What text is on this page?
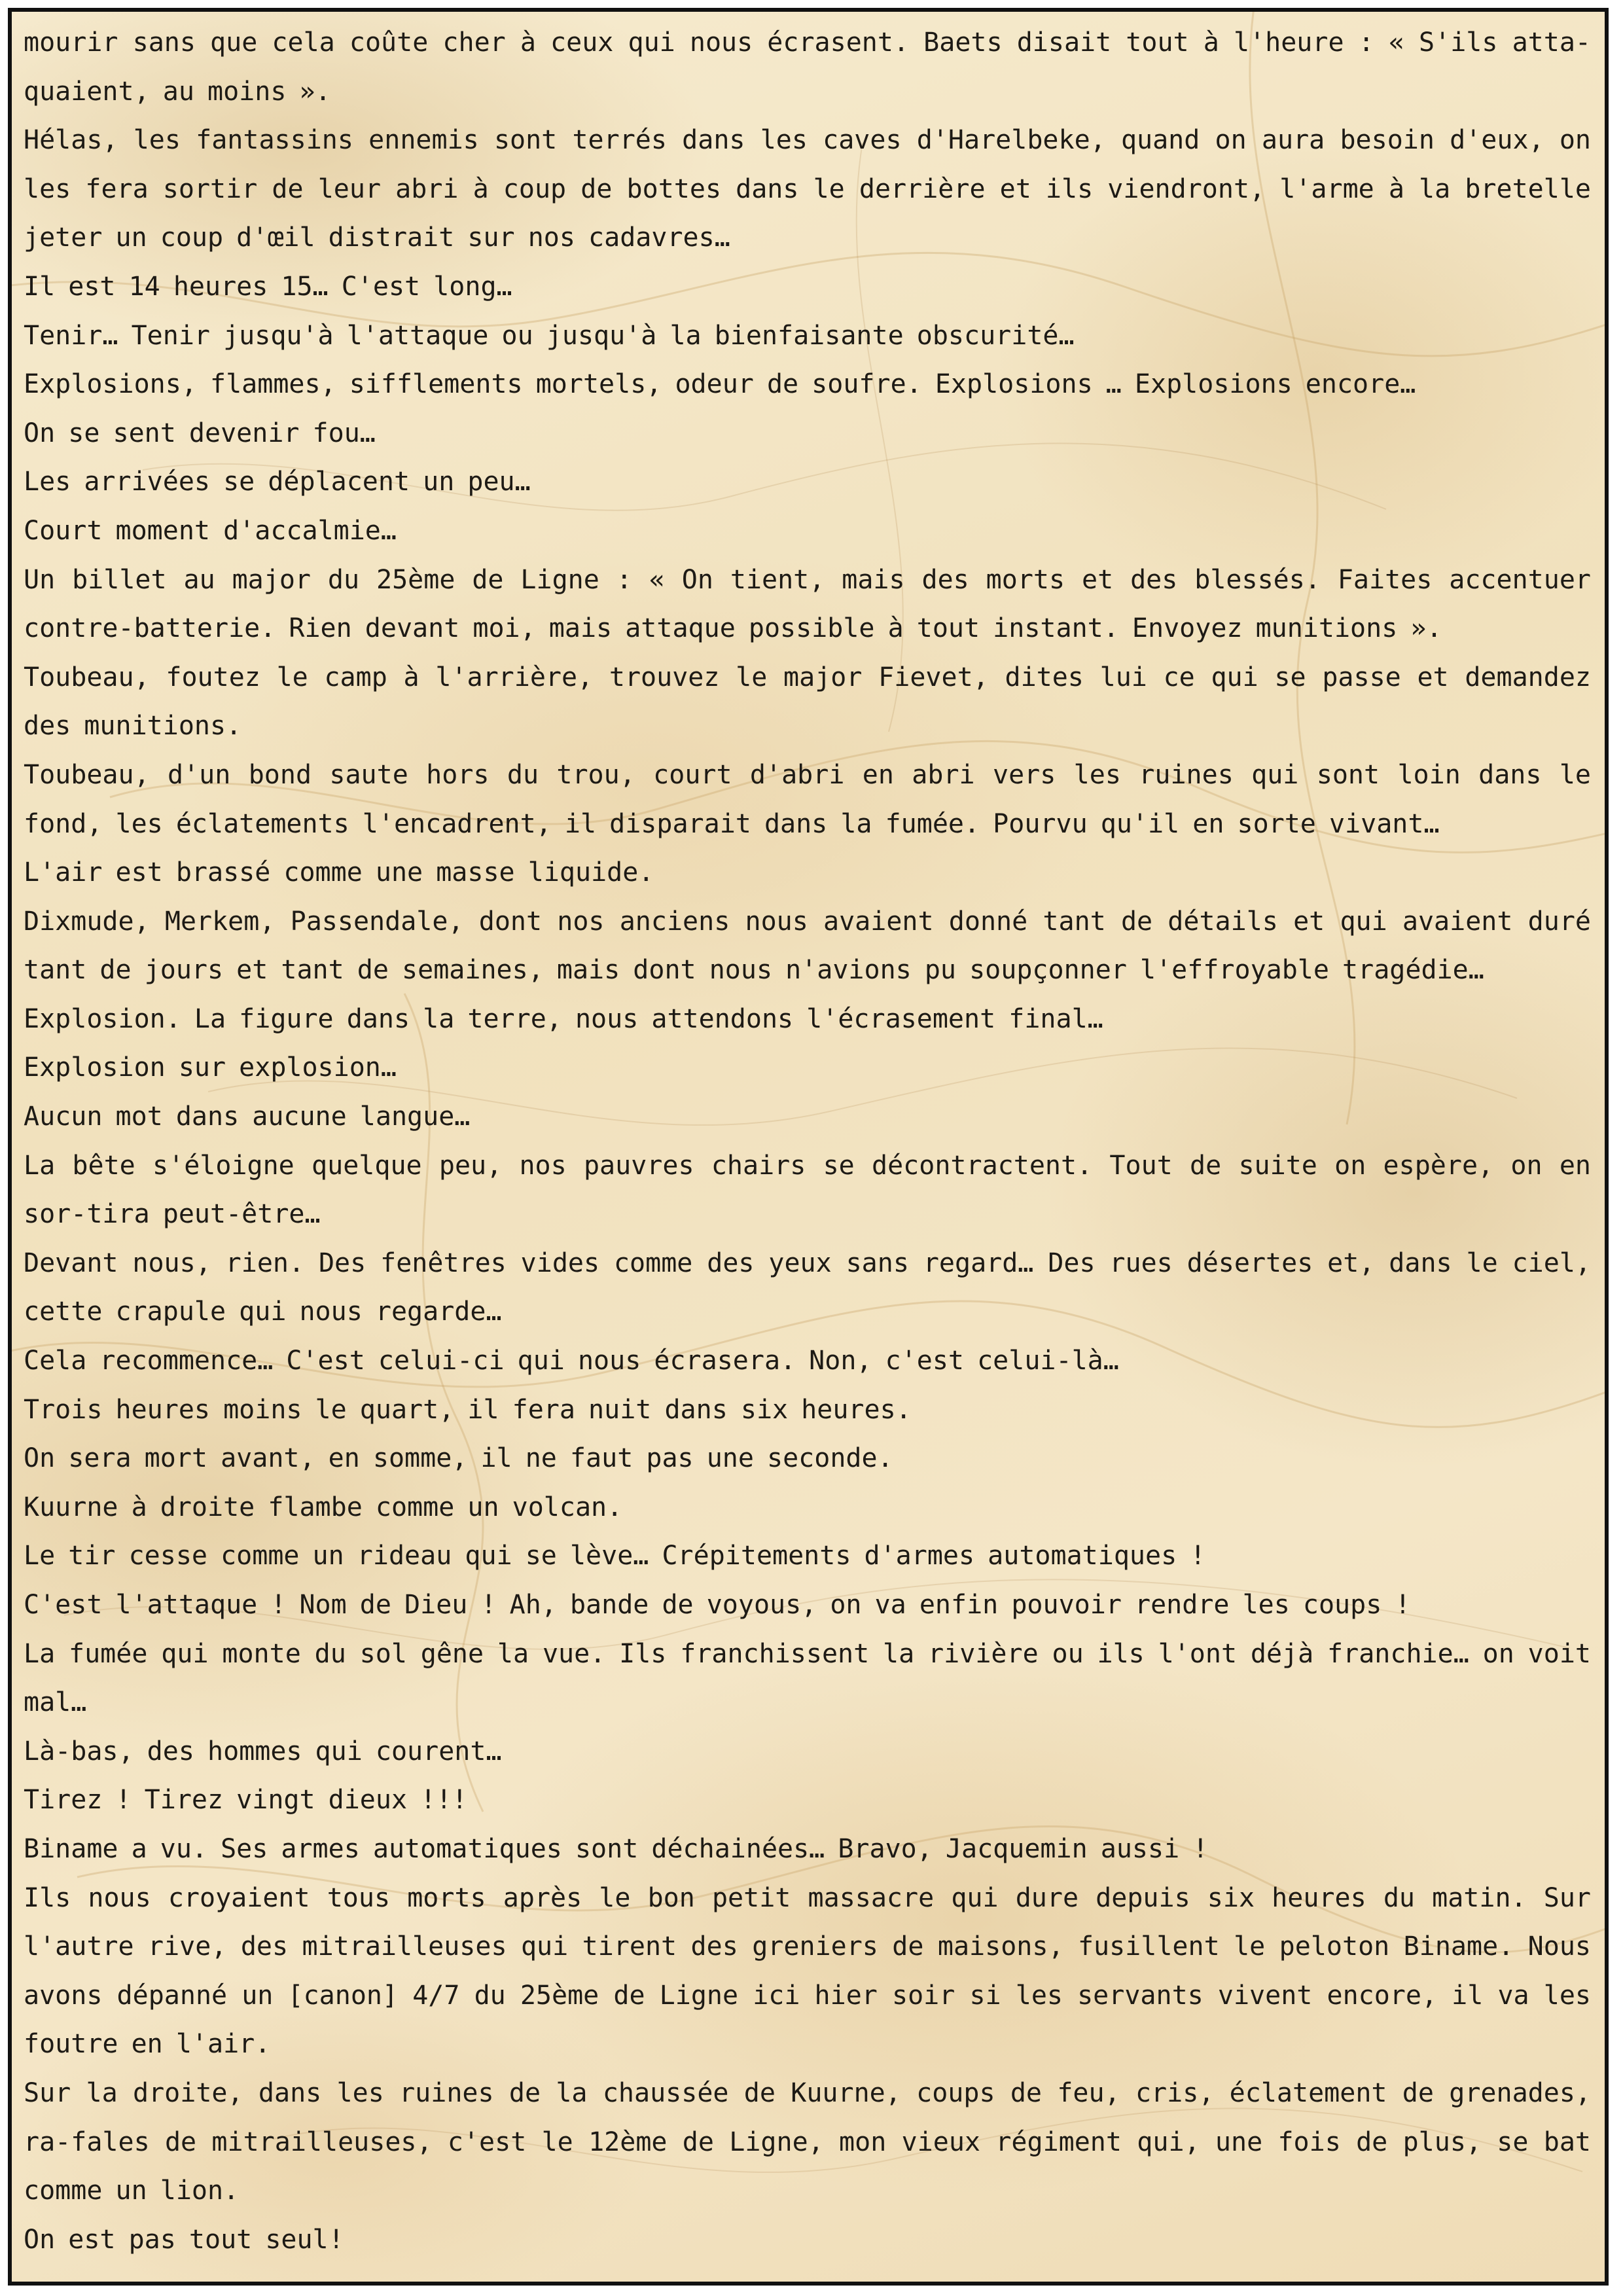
mourir sans que cela coûte cher à ceux qui nous écrasent. Baets disait tout à l'heure : « S'ils atta-quaient, au moins ».

Hélas, les fantassins ennemis sont terrés dans les caves d'Harelbeke, quand on aura besoin d'eux, on les fera sortir de leur abri à coup de bottes dans le derrière et ils viendront, l'arme à la bretelle jeter un coup d'œil distrait sur nos cadavres…

Il est 14 heures 15… C'est long…

Tenir… Tenir jusqu'à l'attaque ou jusqu'à la bienfaisante obscurité…

Explosions, flammes, sifflements mortels, odeur de soufre. Explosions … Explosions encore…

On se sent devenir fou…

Les arrivées se déplacent un peu…

Court moment d'accalmie…

Un billet au major du 25ème de Ligne : « On tient, mais des morts et des blessés. Faites accentuer contre-batterie. Rien devant moi, mais attaque possible à tout instant. Envoyez munitions ».

Toubeau, foutez le camp à l'arrière, trouvez le major Fievet, dites lui ce qui se passe et demandez des munitions.

Toubeau, d'un bond saute hors du trou, court d'abri en abri vers les ruines qui sont loin dans le fond, les éclatements l'encadrent, il disparait dans la fumée. Pourvu qu'il en sorte vivant…

L'air est brassé comme une masse liquide.

Dixmude, Merkem, Passendale, dont nos anciens nous avaient donné tant de détails et qui avaient duré tant de jours et tant de semaines, mais dont nous n'avions pu soupçonner l'effroyable tragédie…

Explosion. La figure dans la terre, nous attendons l'écrasement final…

Explosion sur explosion…

Aucun mot dans aucune langue…

La bête s'éloigne quelque peu, nos pauvres chairs se décontractent. Tout de suite on espère, on en sor-tira peut-être…

Devant nous, rien. Des fenêtres vides comme des yeux sans regard… Des rues désertes et, dans le ciel, cette crapule qui nous regarde…

Cela recommence… C'est celui-ci qui nous écrasera. Non, c'est celui-là…

Trois heures moins le quart, il fera nuit dans six heures.

On sera mort avant, en somme, il ne faut pas une seconde.

Kuurne à droite flambe comme un volcan.

Le tir cesse comme un rideau qui se lève… Crépitements d'armes automatiques !

C'est l'attaque ! Nom de Dieu ! Ah, bande de voyous, on va enfin pouvoir rendre les coups !

La fumée qui monte du sol gêne la vue. Ils franchissent la rivière ou ils l'ont déjà franchie… on voit mal…

Là-bas, des hommes qui courent…

Tirez ! Tirez vingt dieux !!!

Biname a vu. Ses armes automatiques sont déchainées… Bravo, Jacquemin aussi !

Ils nous croyaient tous morts après le bon petit massacre qui dure depuis six heures du matin. Sur l'autre rive, des mitrailleuses qui tirent des greniers de maisons, fusillent le peloton Biname. Nous avons dépanné un [canon] 4/7 du 25ème de Ligne ici hier soir si les servants vivent encore, il va les foutre en l'air.

Sur la droite, dans les ruines de la chaussée de Kuurne, coups de feu, cris, éclatement de grenades, ra-fales de mitrailleuses, c'est le 12ème de Ligne, mon vieux régiment qui, une fois de plus, se bat comme un lion.

On est pas tout seul!
